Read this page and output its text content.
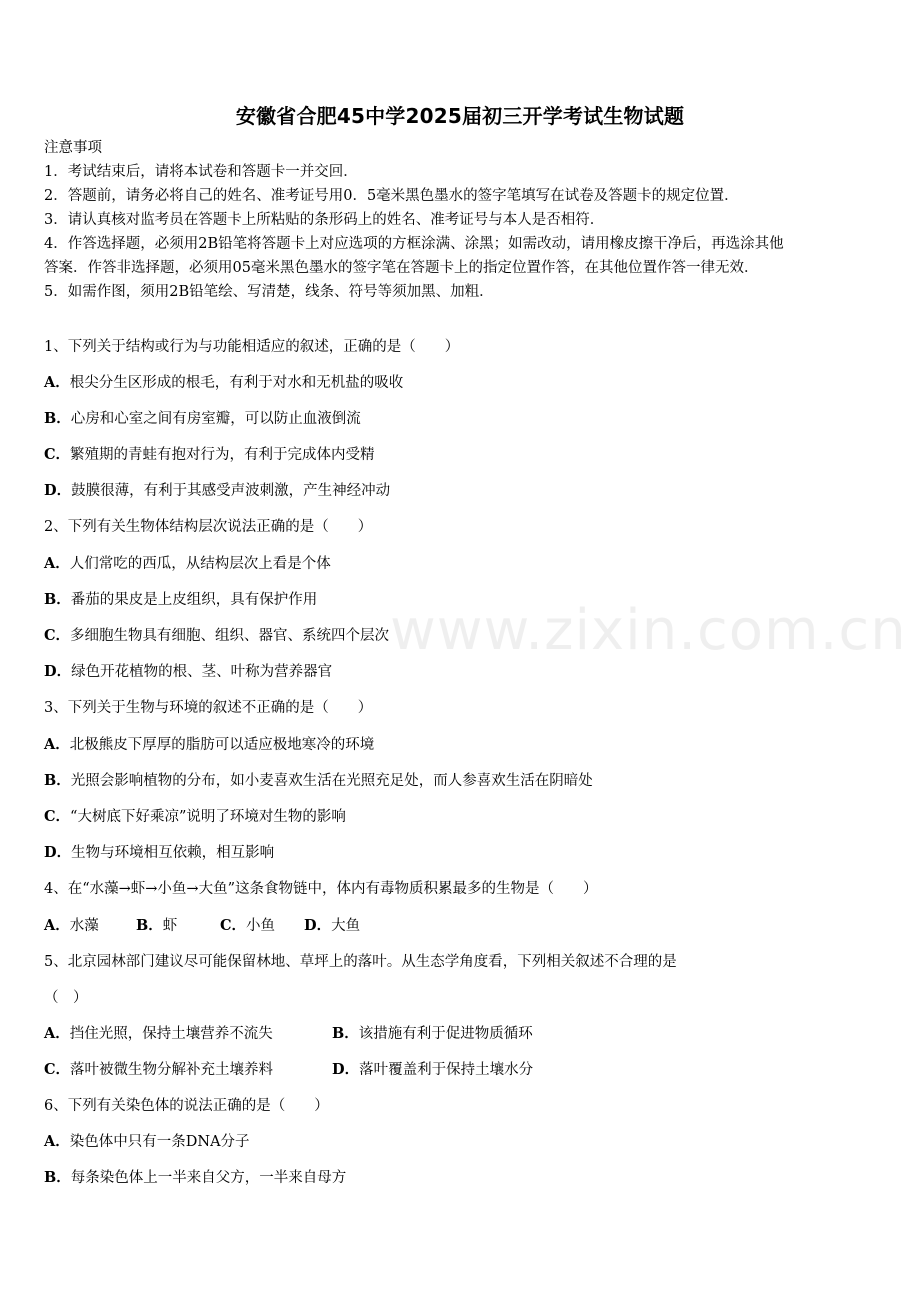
安徽省合肥45中学2025届初三开学考试生物试题
注意事项
1．考试结束后，请将本试卷和答题卡一并交回．
2．答题前，请务必将自己的姓名、准考证号用0．5毫米黑色墨水的签字笔填写在试卷及答题卡的规定位置．
3．请认真核对监考员在答题卡上所粘贴的条形码上的姓名、准考证号与本人是否相符．
4．作答选择题，必须用2B铅笔将答题卡上对应选项的方框涂满、涂黑；如需改动，请用橡皮擦干净后，再选涂其他
答案．作答非选择题，必须用05毫米黑色墨水的签字笔在答题卡上的指定位置作答，在其他位置作答一律无效．
5．如需作图，须用2B铅笔绘、写清楚，线条、符号等须加黑、加粗．
1、下列关于结构或行为与功能相适应的叙述，正确的是（　　）
A．根尖分生区形成的根毛，有利于对水和无机盐的吸收
B．心房和心室之间有房室瓣，可以防止血液倒流
C．繁殖期的青蛙有抱对行为，有利于完成体内受精
D．鼓膜很薄，有利于其感受声波刺激，产生神经冲动
2、下列有关生物体结构层次说法正确的是（　　）
A．人们常吃的西瓜，从结构层次上看是个体
B．番茄的果皮是上皮组织，具有保护作用
C．多细胞生物具有细胞、组织、器官、系统四个层次
D．绿色开花植物的根、茎、叶称为营养器官
3、下列关于生物与环境的叙述不正确的是（　　）
A．北极熊皮下厚厚的脂肪可以适应极地寒冷的环境
B．光照会影响植物的分布，如小麦喜欢生活在光照充足处，而人参喜欢生活在阴暗处
C．“大树底下好乘凉”说明了环境对生物的影响
D．生物与环境相互依赖，相互影响
4、在“水藻→虾→小鱼→大鱼”这条食物链中，体内有毒物质积累最多的生物是（　　）
A．水藻	B．虾	C．小鱼 D．大鱼
5、北京园林部门建议尽可能保留林地、草坪上的落叶。从生态学角度看，下列相关叙述不合理的是
（　）
A．挡住光照，保持土壤营养不流失	B．该措施有利于促进物质循环
C．落叶被微生物分解补充土壤养料	D．落叶覆盖利于保持土壤水分
6、下列有关染色体的说法正确的是（　　）
A．染色体中只有一条DNA分子
B．每条染色体上一半来自父方，一半来自母方
www.zixin.com.cn
